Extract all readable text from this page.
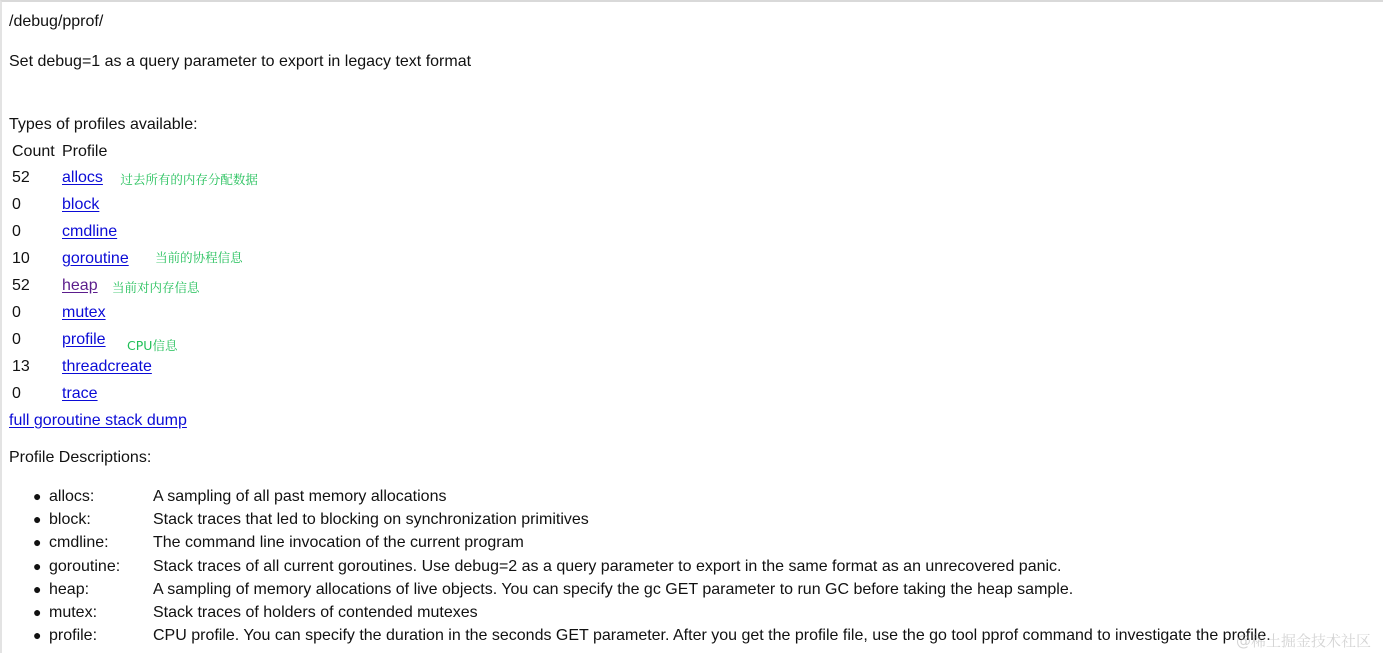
/debug/pprof/
Set debug=1 as a query parameter to export in legacy text format
Types of profiles available:
Count	Profile
52	allocs 过去所有的内存分配数据
0	block
0	cmdline
10	goroutine 当前的协程信息
52	heap 当前对内存信息
0	mutex
0	profile CPU信息
13	threadcreate
0	trace
full goroutine stack dump
Profile Descriptions:
● allocs:	A sampling of all past memory allocations
● block:	Stack traces that led to blocking on synchronization primitives
● cmdline:	The command line invocation of the current program
● goroutine: Stack traces of all current goroutines. Use debug=2 as a query parameter to export in the same format as an unrecovered panic.
● heap:	A sampling of memory allocations of live objects. You can specify the gc GET parameter to run GC before taking the heap sample.
● mutex:	Stack traces of holders of contended mutexes
● profile:	CPU profile. You can specify the duration in the seconds GET parameter. After you get the profile file, use the go tool pprof command to investigate the profile.
@稀土掘金技术社区
